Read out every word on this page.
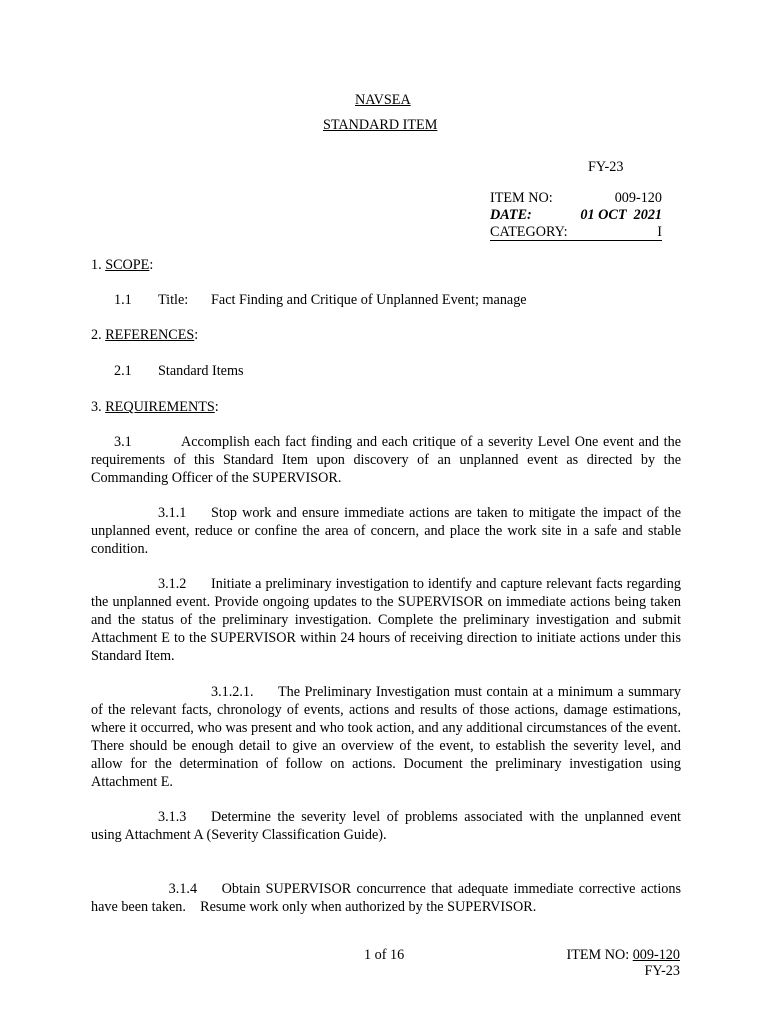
NAVSEA
STANDARD ITEM
FY-23
ITEM NO:	009-120
DATE:	01 OCT  2021
CATEGORY:	I
1. SCOPE:
1.1 Title: Fact Finding and Critique of Unplanned Event; manage
2. REFERENCES:
2.1 Standard Items
3. REQUIREMENTS:
3.1	Accomplish each fact finding and each critique of a severity Level One event and the requirements of this Standard Item upon discovery of an unplanned event as directed by the Commanding Officer of the SUPERVISOR.
3.1.1 Stop work and ensure immediate actions are taken to mitigate the impact of the unplanned event, reduce or confine the area of concern, and place the work site in a safe and stable condition.
3.1.2 Initiate a preliminary investigation to identify and capture relevant facts regarding the unplanned event. Provide ongoing updates to the SUPERVISOR on immediate actions being taken and the status of the preliminary investigation. Complete the preliminary investigation and submit Attachment E to the SUPERVISOR within 24 hours of receiving direction to initiate actions under this Standard Item.
3.1.2.1. The Preliminary Investigation must contain at a minimum a summary of the relevant facts, chronology of events, actions and results of those actions, damage estimations, where it occurred, who was present and who took action, and any additional circumstances of the event. There should be enough detail to give an overview of the event, to establish the severity level, and allow for the determination of follow on actions. Document the preliminary investigation using Attachment E.
3.1.3 Determine the severity level of problems associated with the unplanned event using Attachment A (Severity Classification Guide).

3.1.4 Obtain SUPERVISOR concurrence that adequate immediate corrective actions have been taken.    Resume work only when authorized by the SUPERVISOR.

1 of 16	ITEM NO: 009-120
FY-23
